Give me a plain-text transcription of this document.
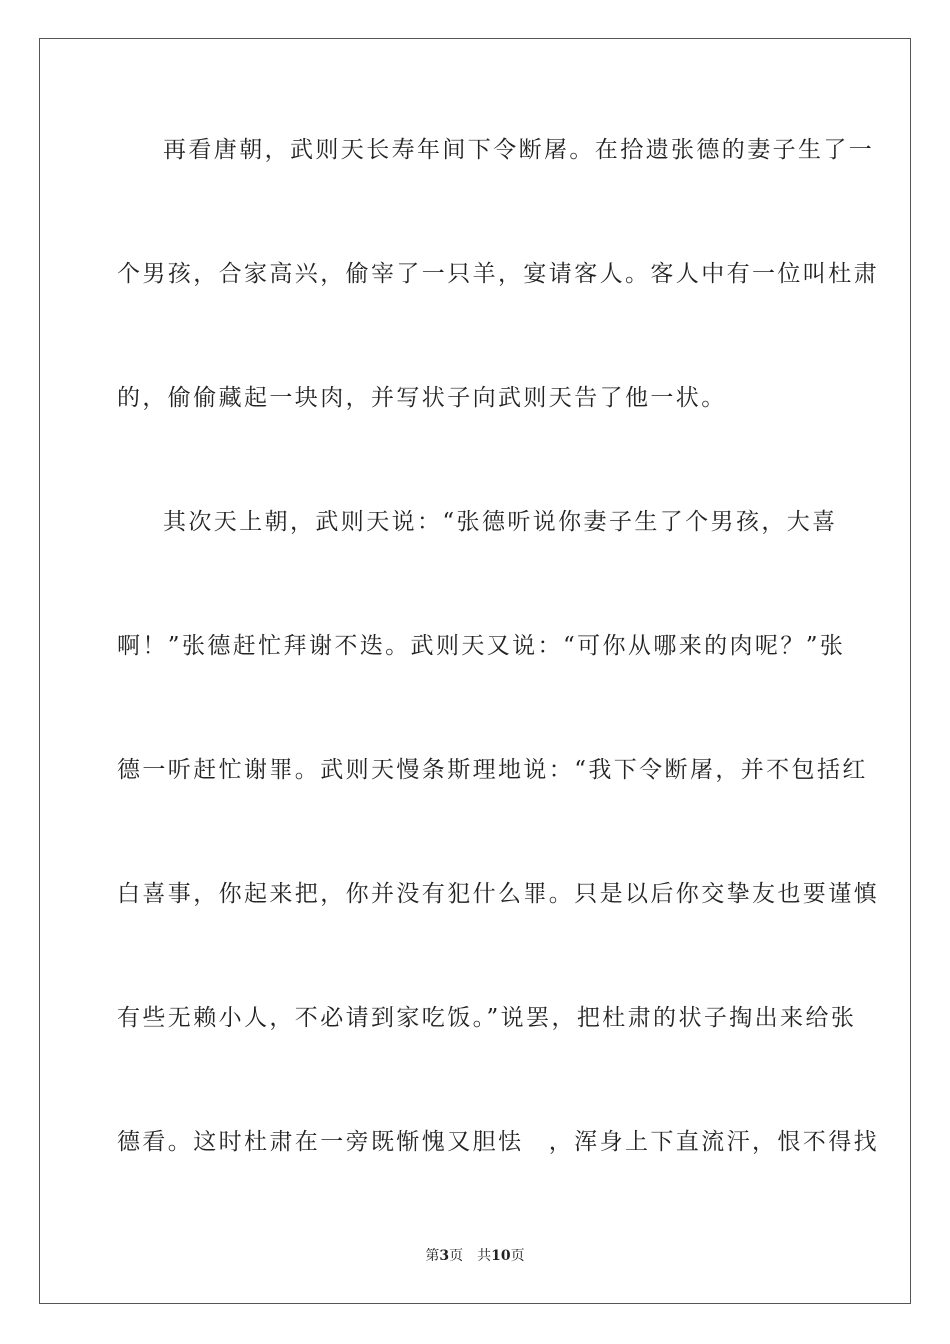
再看唐朝，武则天长寿年间下令断屠。在拾遗张德的妻子生了一
个男孩，合家高兴，偷宰了一只羊，宴请客人。客人中有一位叫杜肃
的，偷偷藏起一块肉，并写状子向武则天告了他一状。
其次天上朝，武则天说：“张德听说你妻子生了个男孩，大喜
啊！”张德赶忙拜谢不迭。武则天又说：“可你从哪来的肉呢？”张
德一听赶忙谢罪。武则天慢条斯理地说：“我下令断屠，并不包括红
白喜事，你起来把，你并没有犯什么罪。只是以后你交挚友也要谨慎
有些无赖小人，不必请到家吃饭。”说罢，把杜肃的状子掏出来给张
德看。这时杜肃在一旁既惭愧又胆怯　，浑身上下直流汗，恨不得找
第3页 共10页
